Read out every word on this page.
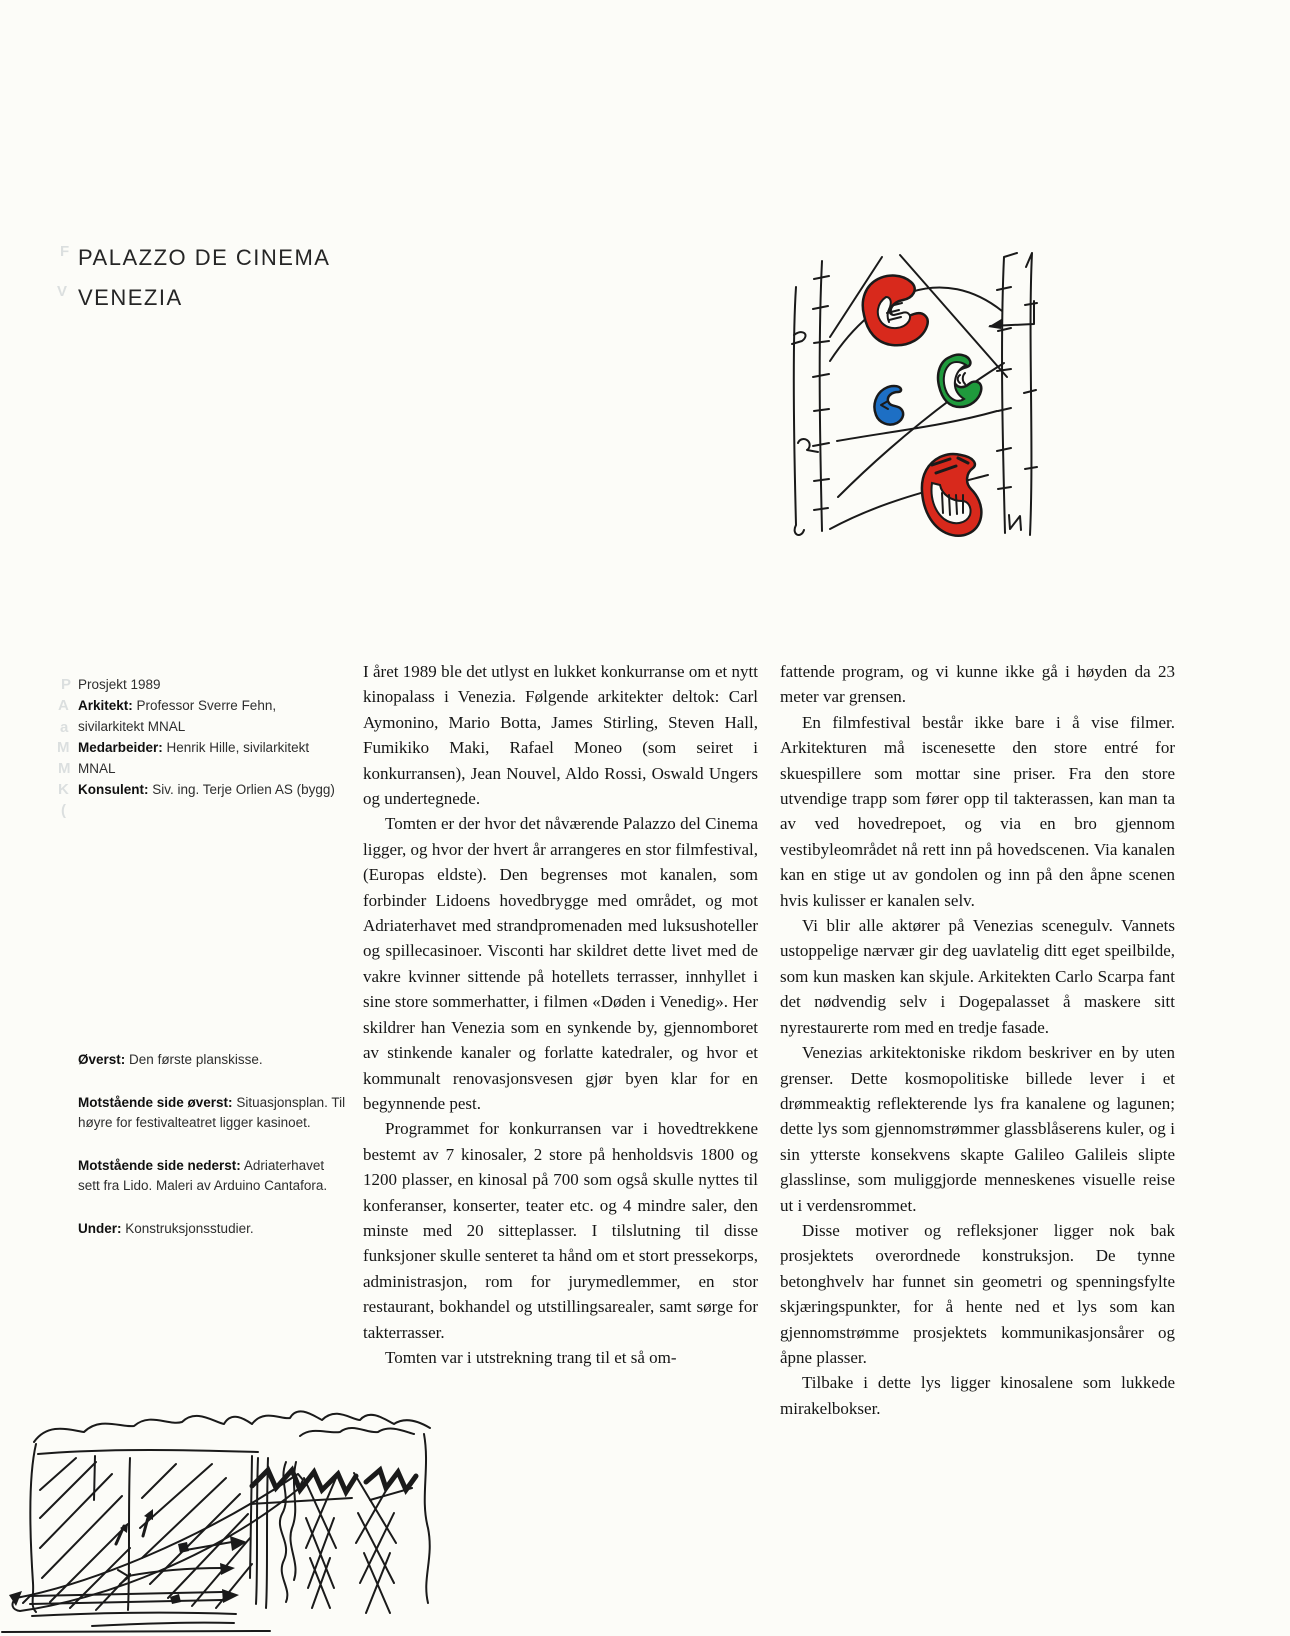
PALAZZO DE CINEMA
VENEZIA
Prosjekt 1989
Arkitekt: Professor Sverre Fehn, sivilarkitekt MNAL
Medarbeider: Henrik Hille, sivilarkitekt MNAL
Konsulent: Siv. ing. Terje Orlien AS (bygg)
Øverst: Den første planskisse.
Motstående side øverst: Situasjonsplan. Til høyre for festivalteatret ligger kasinoet.
Motstående side nederst: Adriaterhavet sett fra Lido. Maleri av Arduino Cantafora.
Under: Konstruksjonsstudier.

I året 1989 ble det utlyst en lukket konkurranse om et nytt kinopalass i Venezia. Følgende arkitekter deltok: Carl Aymonino, Mario Botta, James Stirling, Steven Hall, Fumikiko Maki, Rafael Moneo (som seiret i konkurransen), Jean Nouvel, Aldo Rossi, Oswald Ungers og undertegnede.

Tomten er der hvor det nåværende Palazzo del Cinema ligger, og hvor der hvert år arrangeres en stor filmfestival, (Europas eldste). Den begrenses mot kanalen, som forbinder Lidoens hovedbrygge med området, og mot Adriaterhavet med strandpromenaden med luksushoteller og spillecasinoer. Visconti har skildret dette livet med de vakre kvinner sittende på hotellets terrasser, innhyllet i sine store sommerhatter, i filmen «Døden i Venedig». Her skildrer han Venezia som en synkende by, gjennomboret av stinkende kanaler og forlatte katedraler, og hvor et kommunalt renovasjonsvesen gjør byen klar for en begynnende pest.

Programmet for konkurransen var i hovedtrekkene bestemt av 7 kinosaler, 2 store på henholdsvis 1800 og 1200 plasser, en kinosal på 700 som også skulle nyttes til konferanser, konserter, teater etc. og 4 mindre saler, den minste med 20 sitteplasser. I tilslutning til disse funksjoner skulle senteret ta hånd om et stort pressekorps, administrasjon, rom for jurymedlemmer, en stor restaurant, bokhandel og utstillingsarealer, samt sørge for takterrasser.

Tomten var i utstrekning trang til et så om-

fattende program, og vi kunne ikke gå i høyden da 23 meter var grensen.

En filmfestival består ikke bare i å vise filmer. Arkitekturen må iscenesette den store entré for skuespillere som mottar sine priser. Fra den store utvendige trapp som fører opp til takterassen, kan man ta av ved hovedrepoet, og via en bro gjennom vestibyleområdet nå rett inn på hovedscenen. Via kanalen kan en stige ut av gondolen og inn på den åpne scenen hvis kulisser er kanalen selv.

Vi blir alle aktører på Venezias scenegulv. Vannets ustoppelige nærvær gir deg uavlatelig ditt eget speilbilde, som kun masken kan skjule. Arkitekten Carlo Scarpa fant det nødvendig selv i Dogepalasset å maskere sitt nyrestaurerte rom med en tredje fasade.

Venezias arkitektoniske rikdom beskriver en by uten grenser. Dette kosmopolitiske billede lever i et drømmeaktig reflekterende lys fra kanalene og lagunen; dette lys som gjennomstrømmer glassblåserens kuler, og i sin ytterste konsekvens skapte Galileo Galileis slipte glasslinse, som muliggjorde menneskenes visuelle reise ut i verdensrommet.

Disse motiver og refleksjoner ligger nok bak prosjektets overordnede konstruksjon. De tynne betonghvelv har funnet sin geometri og spenningsfylte skjæringspunkter, for å hente ned et lys som kan gjennomstrømme prosjektets kommunikasjonsårer og åpne plasser.

Tilbake i dette lys ligger kinosalene som lukkede mirakelbokser.

F
V
P
A
a
M
M
K
(
